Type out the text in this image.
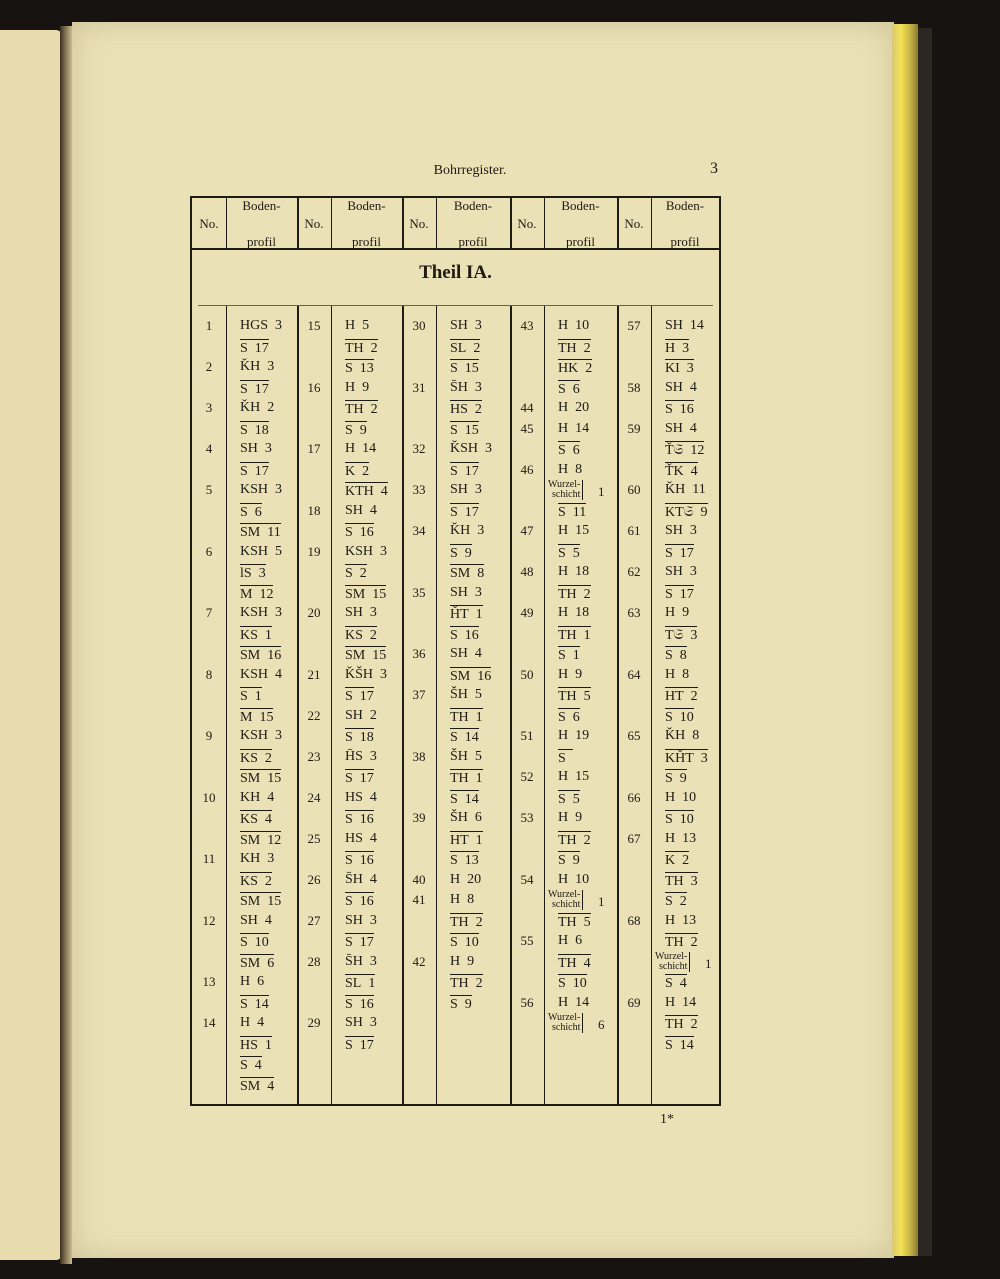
Bohrregister.	3
1*
No.
Boden-

profil
No.
Boden-

profil
No.
Boden-

profil
No.
Boden-

profil
No.
Boden-

profil
Theil IA.
1	HGS 3
S 17
2	ǨH 3
S 17
3	ǨH 2
S 18
4	SH 3
S 17
5	KSH 3
S 6
SM 11
6	KSH 5
lS 3
M 12
7	KSH 3
KS 1
SM 16
8	KSH 4
S 1
M 15
9	KSH 3
KS 2
SM 15
10	KH 4
KS 4
SM 12
11	KH 3
KS 2
SM 15
12	SH 4
S 10
SM 6
13	H 6
S 14
14	H 4
HS 1
S 4
SM 4
15	H 5
TH 2
S 13
16	H 9
TH 2
S 9
17	H 14
K 2
KTH 4
18	SH 4
S 16
19	KSH 3
S 2
SM 15
20	SH 3
KS 2
SM 15
21	ǨŠH 3
S 17
22	SH 2
S 18
23	H̄S 3
S 17
24	HS 4
S 16
25	HS 4
S 16
26	S̄H 4
S 16
27	SH 3
S 17
28	S̄H 3
SL 1
S 16
29	SH 3
S 17
30	SH 3
SL 2
S 15
31	S̄H 3
HS 2
S 15
32	ǨSH 3
S 17
33	SH 3
S 17
34	ǨH 3
S 9
SM 8
35	SH 3
ȞT 1
S 16
36	SH 4
SM 16
37	ŠH 5
TH 1
S 14
38	ŠH 5
TH 1
S 14
39	ŠH 6
HT 1
S 13
40	H 20
41	H 8
TH 2
S 10
42	H 9
TH 2
S 9
43	H 10
TH 2
HK 2
S 6
44	H 20
45	H 14
S 6
46	H 8
Wurzel-
schicht 1
S 11
47	H 15
S 5
48	H 18
TH 2
49	H 18
TH 1
S 1
50	H 9
TH 5
S 6
51	H 19
S
52	H 15
S 5
53	H 9
TH 2
S 9
54	H 10
Wurzel-
schicht 1
TH 5
55	H 6
TH 4
S 10
56	H 14
Wurzel-
schicht 6
57	SH 14
H 3
KI 3
58	SH 4
S 16
59	SH 4
Ť𝔖 12
ŤK 4
60	ǨH 11
KT𝔖 9
61	SH 3
S 17
62	SH 3
S 17
63	H 9
T𝔖 3
S 8
64	H 8
HT 2
S 10
65	ǨH 8
KȞT 3
S 9
66	H 10
S 10
67	H 13
K 2
TH 3
S 2
68	H 13
TH 2
Wurzel-
schicht 1
S 4
69	H 14
TH 2
S 14
